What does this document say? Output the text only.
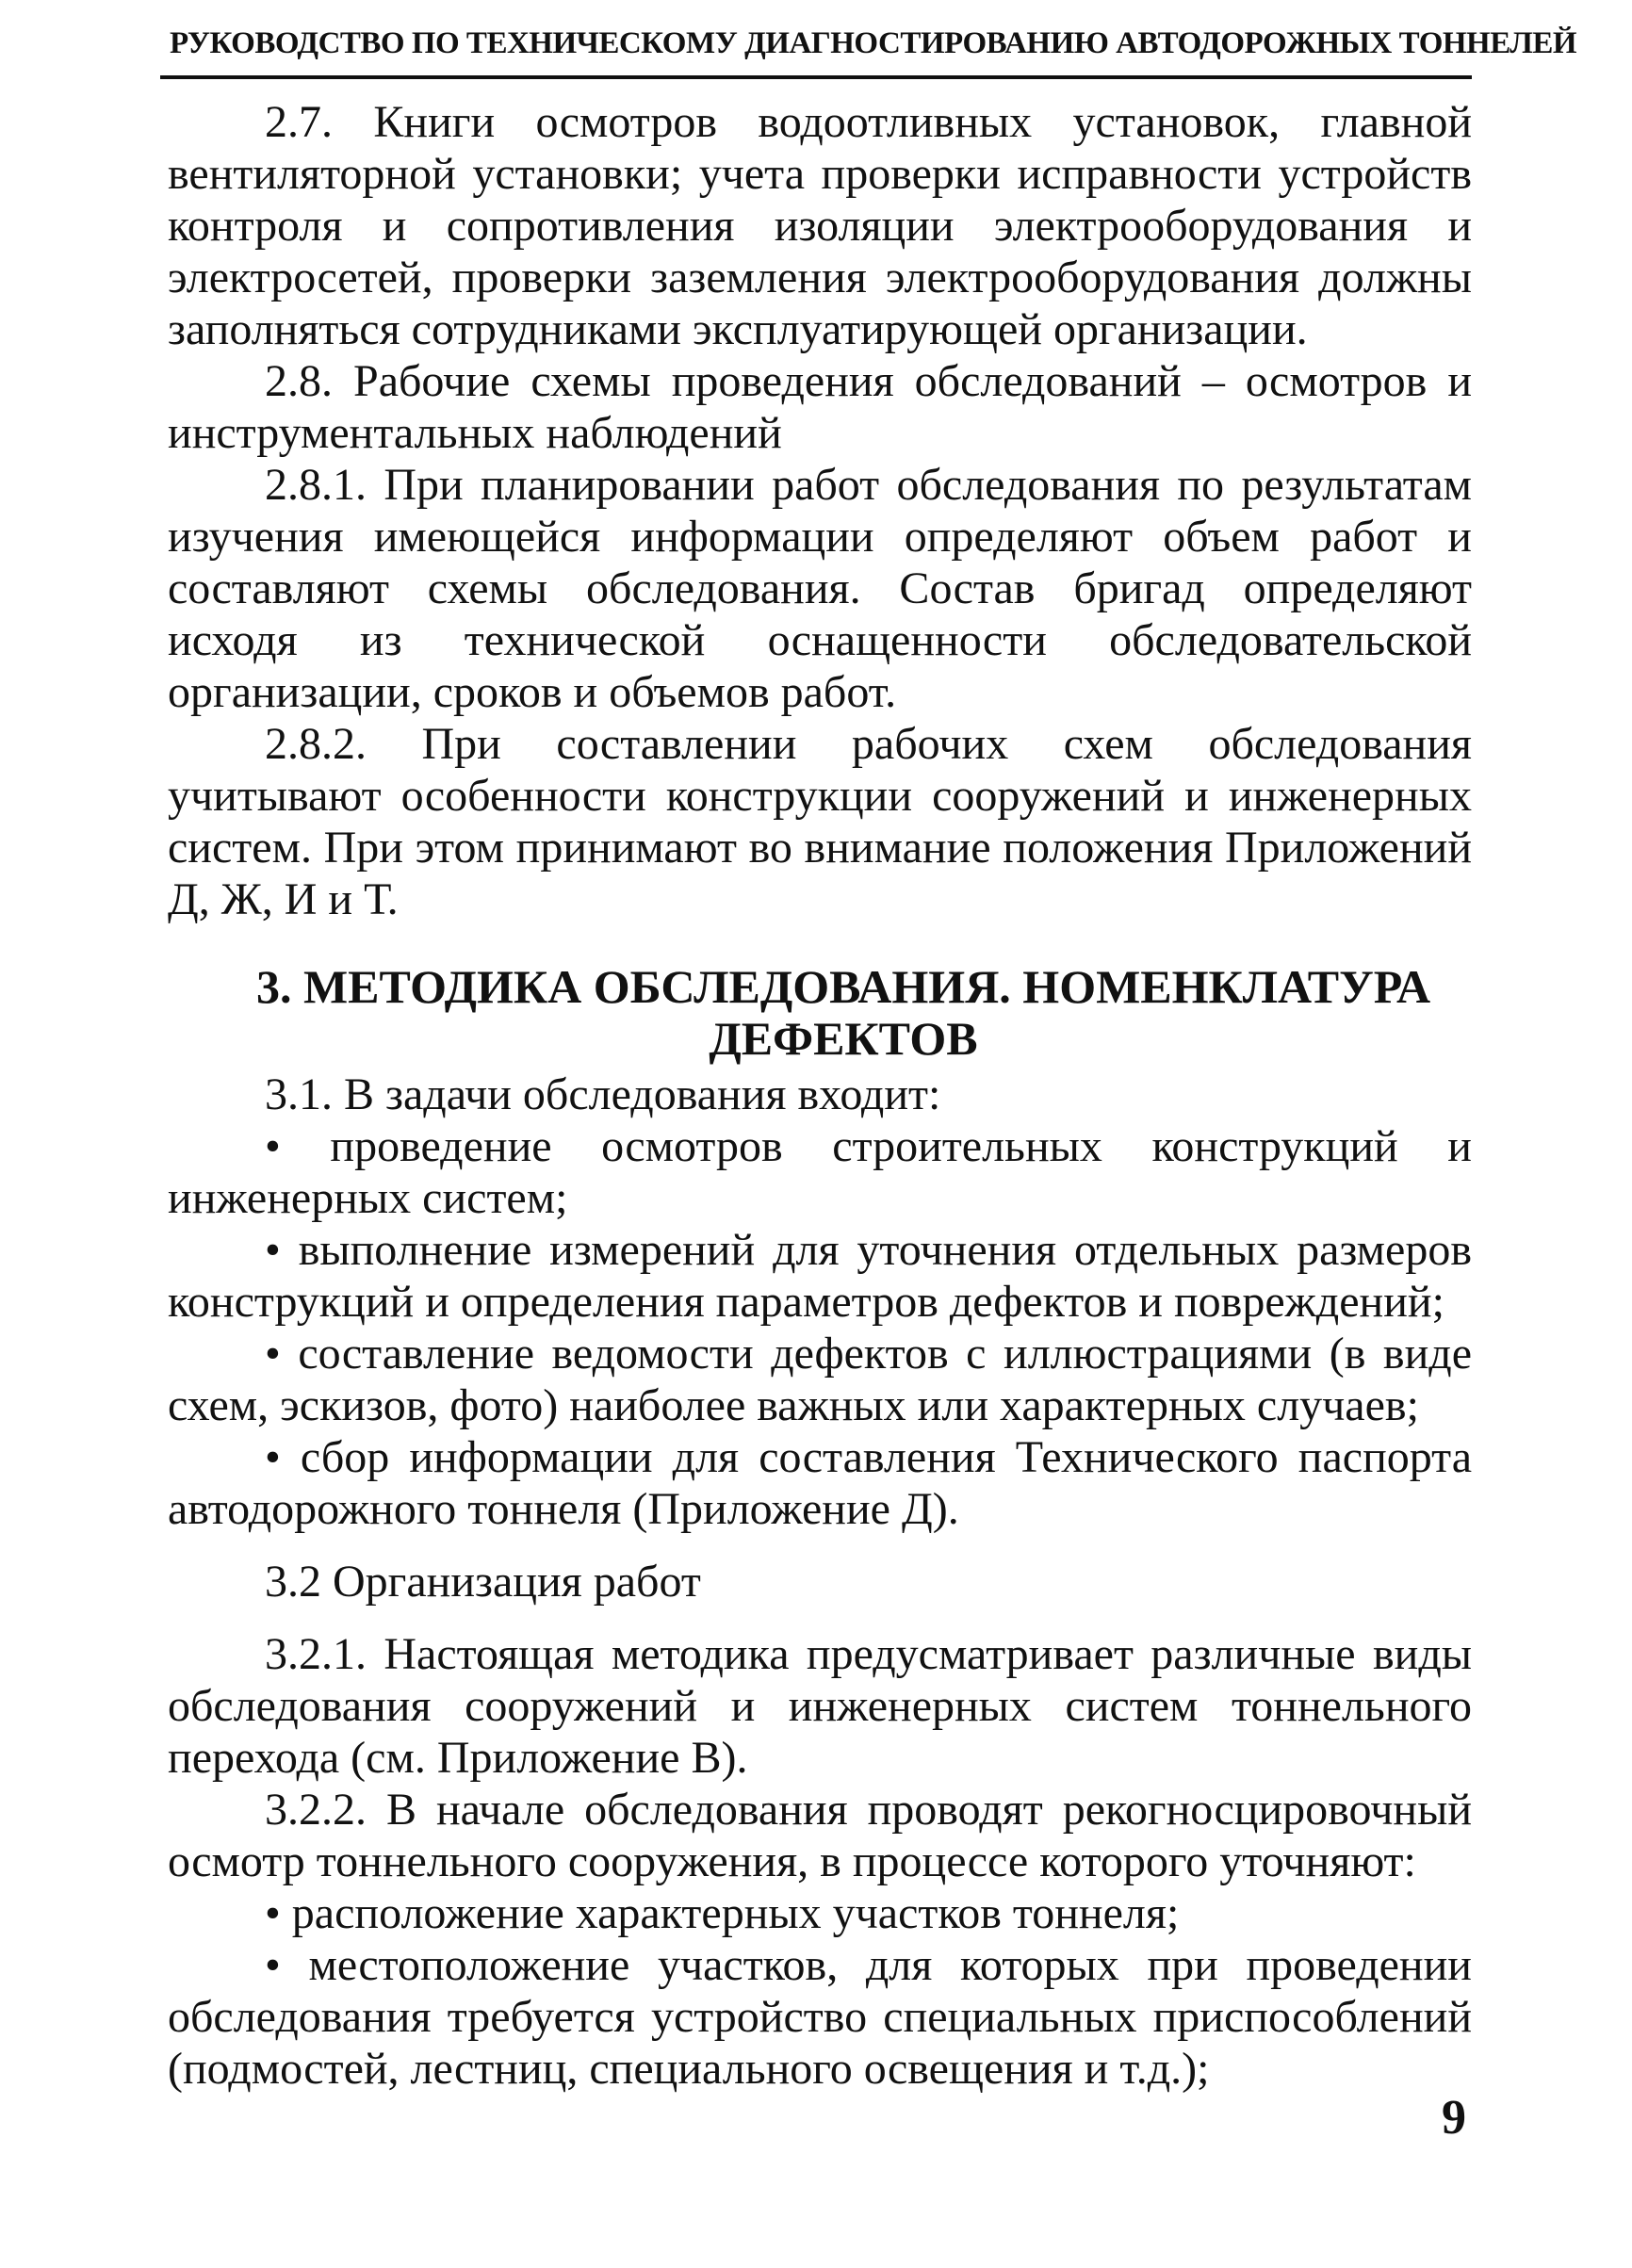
РУКОВОДСТВО ПО ТЕХНИЧЕСКОМУ ДИАГНОСТИРОВАНИЮ АВТОДОРОЖНЫХ ТОННЕЛЕЙ

2.7. Книги осмотров водоотливных установок, главной вентиляторной установки; учета проверки исправности устройств контроля и сопротивления изоляции электрооборудования и электросетей, проверки заземления электрооборудования должны заполняться сотрудниками эксплуатирующей организации.

2.8. Рабочие схемы проведения обследований – осмотров и инструментальных наблюдений

2.8.1. При планировании работ обследования по результатам изучения имеющейся информации определяют объем работ и составляют схемы обследования. Состав бригад определяют исходя из технической оснащенности обследовательской организации, сроков и объемов работ.

2.8.2. При составлении рабочих схем обследования учитывают особенности конструкции сооружений и инженерных систем. При этом принимают во внимание положения Приложений Д, Ж, И и Т.

3. МЕТОДИКА ОБСЛЕДОВАНИЯ. НОМЕНКЛАТУРА
ДЕФЕКТОВ

3.1. В задачи обследования входит:

• проведение осмотров строительных конструкций и инженерных систем;

• выполнение измерений для уточнения отдельных размеров конструкций и определения параметров дефектов и повреждений;

• составление ведомости дефектов с иллюстрациями (в виде схем, эскизов, фото) наиболее важных или характерных случаев;

• сбор информации для составления Технического паспорта автодорожного тоннеля (Приложение Д).

3.2 Организация работ

3.2.1. Настоящая методика предусматривает различные виды обследования сооружений и инженерных систем тоннельного перехода (см. Приложение В).

3.2.2. В начале обследования проводят рекогносцировочный осмотр тоннельного сооружения, в процессе которого уточняют:

• расположение характерных участков тоннеля;

• местоположение участков, для которых при проведении обследования требуется устройство специальных приспособлений (подмостей, лестниц, специального освещения и т.д.);

9
